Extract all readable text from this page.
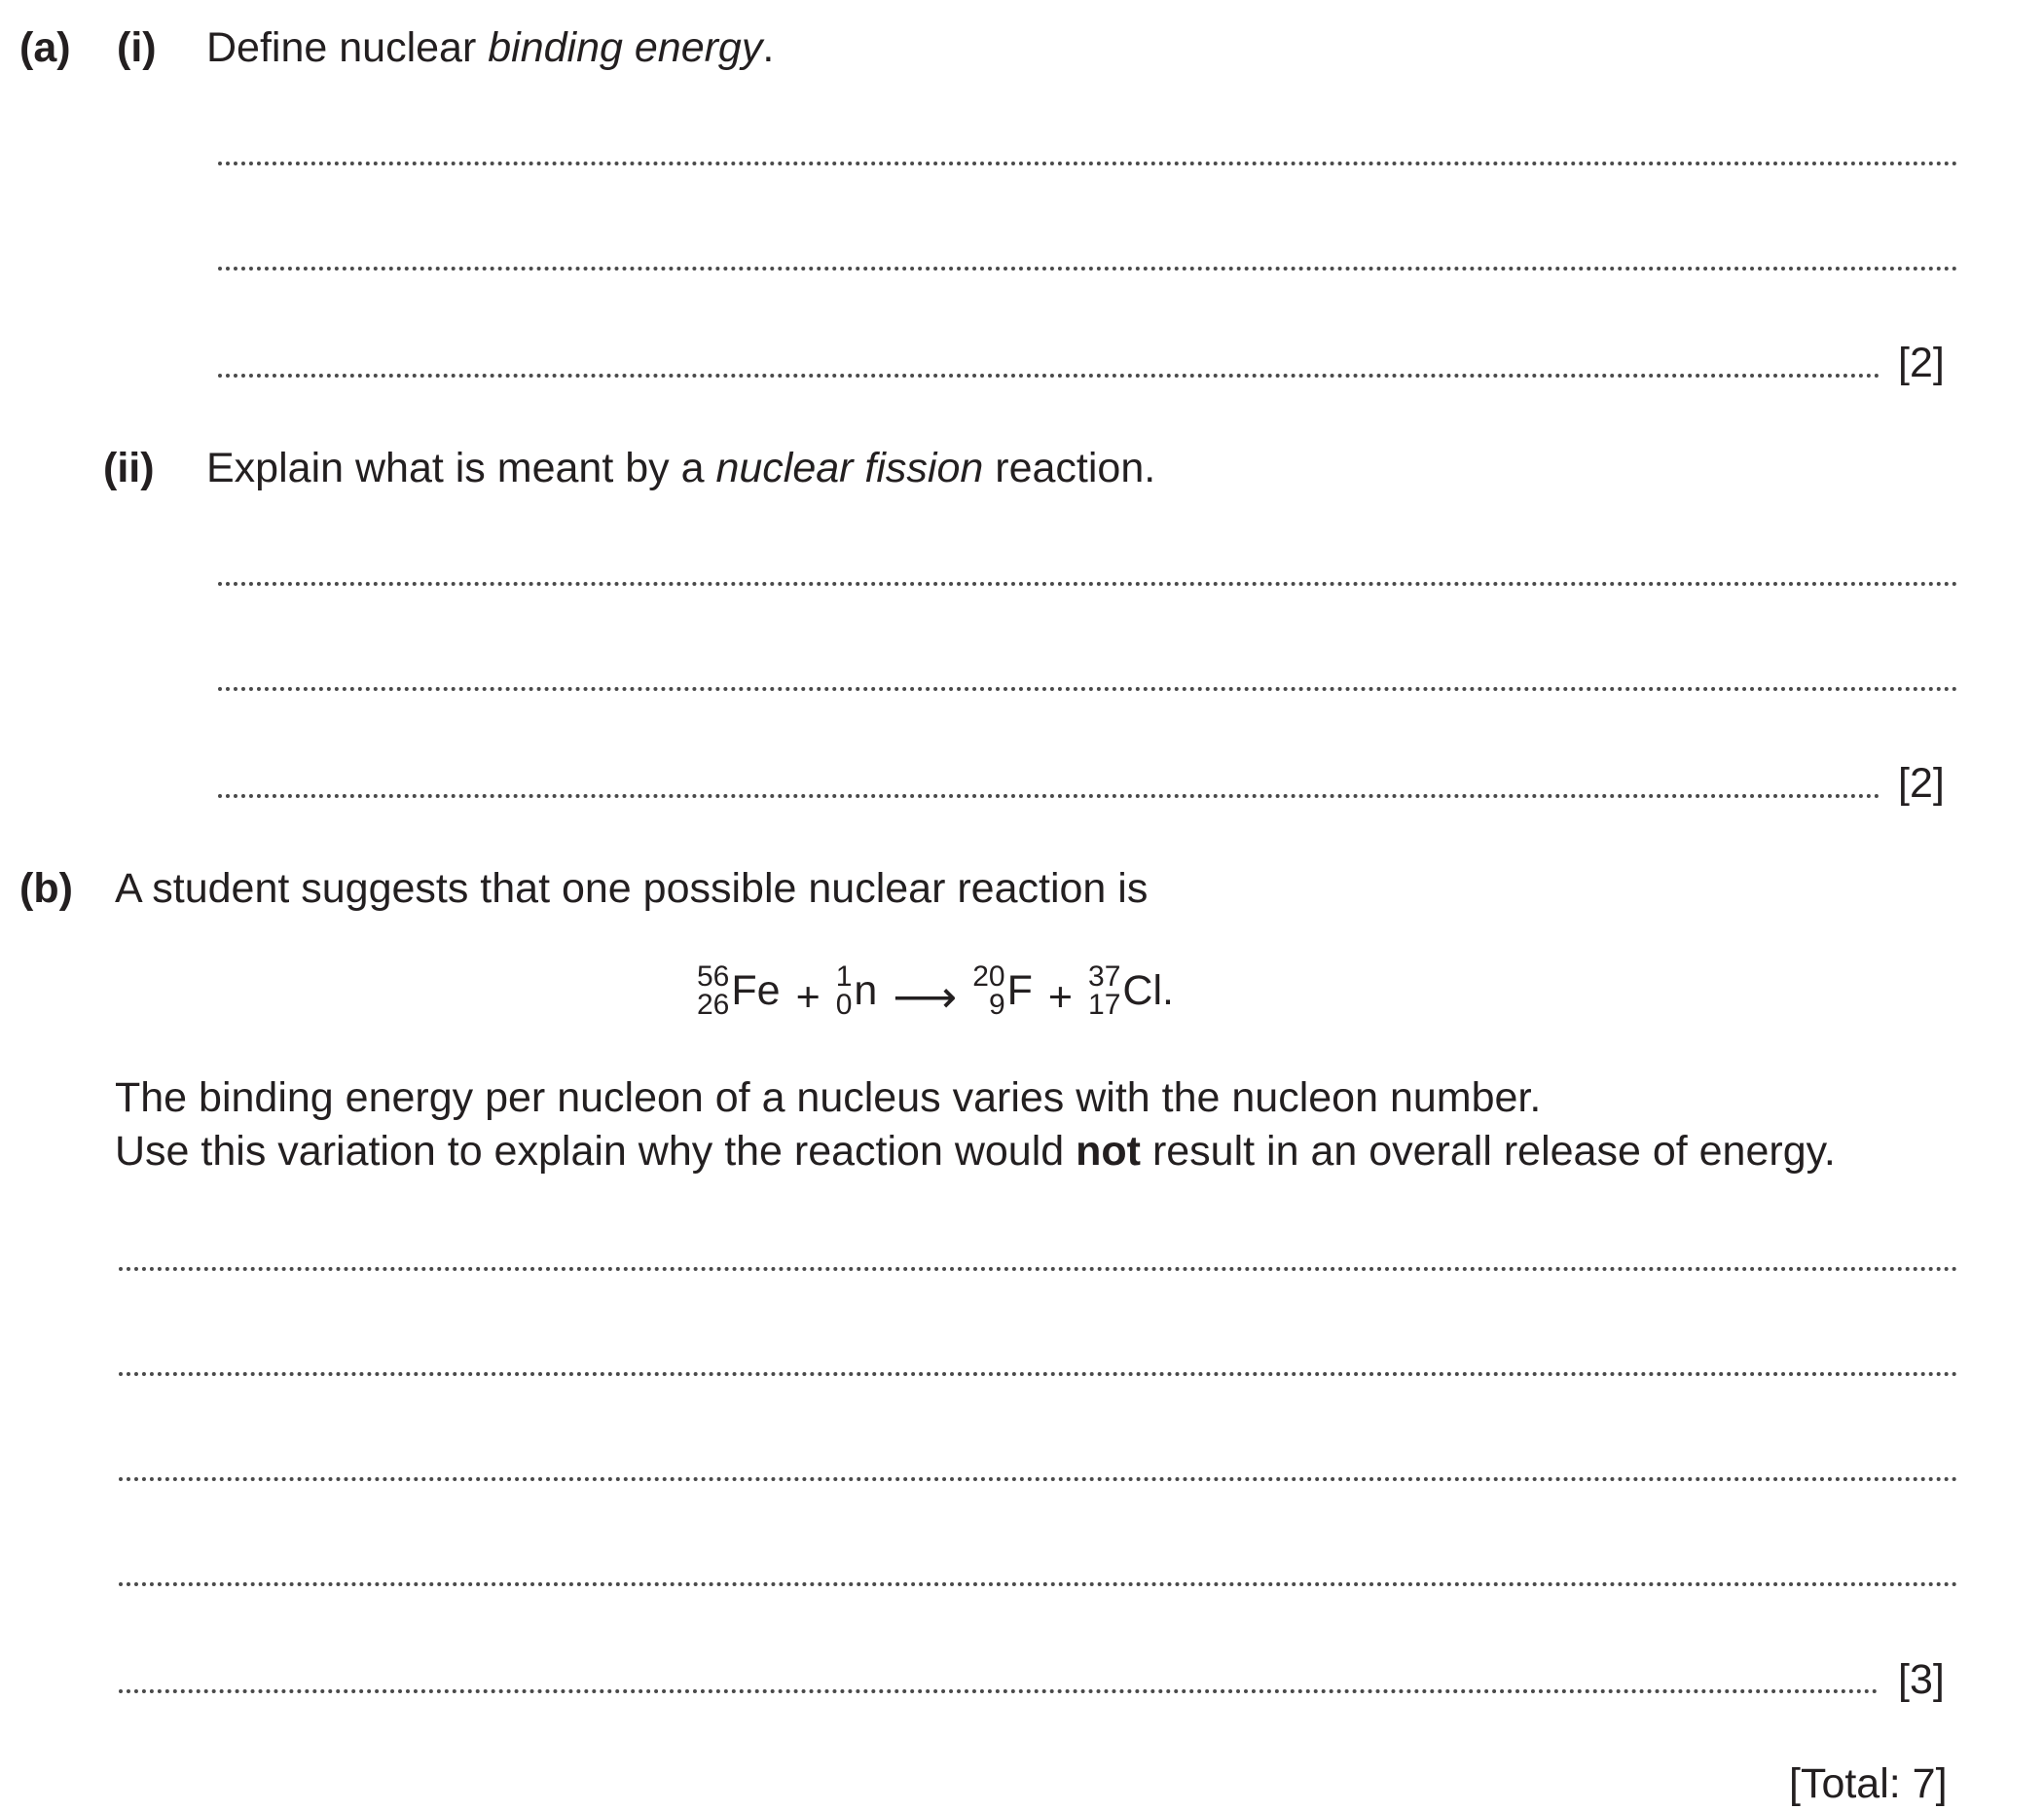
(a) (i) Define nuclear binding energy.
[2]
(ii) Explain what is meant by a nuclear fission reaction.
[2]
(b) A student suggests that one possible nuclear reaction is
56
26 Fe + 1
0 n ⟶ 20
9 F + 37
17 Cl.
The binding energy per nucleon of a nucleus varies with the nucleon number.
Use this variation to explain why the reaction would not result in an overall release of energy.
[3]
[Total: 7]
